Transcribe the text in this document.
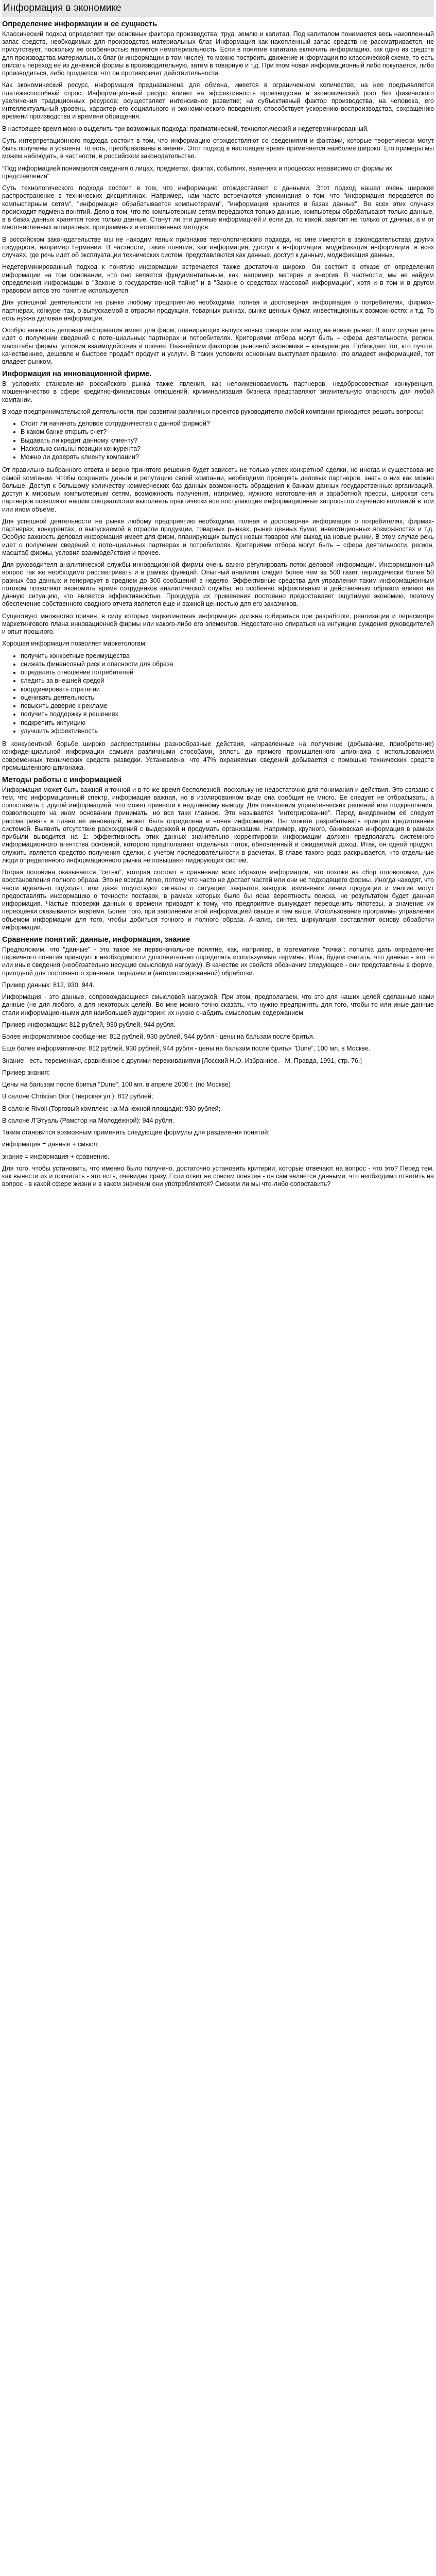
Информация в экономике
Определение информации и ее сущность

Классический подход определяет три основных фактора производства: труд, землю и капитал. Под капиталом понимается весь накопленный запас средств, необходимых для производства материальных благ. Информация как накопленный запас средств не рассматривается, не присутствует, поскольку ее особенностью является нематериальность. Если в понятие капитала включить информацию, как одно из средств для производства материальных благ (и информации в том числе), то можно построить движение информации по классической схеме, то есть описать переход ее из денежной формы в производительную, затем в товарную и т.д. При этом новая информационный либо покупается, либо производиться, либо продается, что он противоречит действительности.

Как экономический ресурс, информация предназначена для обмена, имеется в ограниченном количестве, на нее предъявляется платежеспособный спрос. Информационный ресурс влияет на эффективность производства и экономический рост без физического увеличения традиционных ресурсов; осуществляет интенсивное развитие; на субъективный фактор производства, на человека, его интеллектуальный уровень, характер его социального и экономического поведения; способствует ускорению воспроизводства, сокращению времени производства и времени обращения.

В настоящее время можно выделить три возможных подхода: прагматический, технологический и недетерминированный.

Суть интерпретационного подхода состоит в том, что информацию отождествляют со сведениями и фактами, которые теоретически могут быть получены и усвоены, то есть, преобразованы в знания. Этот подход в настоящее время применяется наиболее широко. Его примеры мы можем наблюдать, в частности, в российском законодательстве.

"Под информацией понимаются сведения о лицах, предметах, фактах, событиях, явлениях и процессах независимо от формы их представления"

Суть технологического подхода состоит в том, что информацию отождествляют с данными. Этот подход нашел очень широкое распространение в технических дисциплинах. Например, нам часто встречаются упоминания о том, что "информация передается по компьютерным сетям", "информация обрабатывается компьютерами", "информация хранится в базах данных". Во всех этих случаях происходит подмена понятий. Дело в том, что по компьютерным сетям передаются только данные, компьютеры обрабатывают только данные, в в базах данных хранятся тоже только данные. Станут ли эти данные информацией и если да, то какой, зависит не только от данных, а и от многочисленных аппаратных, программных и естественных методов.

В российском законодательстве мы не находим явных признаков технологического подхода, но мне имеются в законодательствах других государств, например Германии. В частности, такие понятия, как информация, доступ к информации, модификация информации, в всех случаях, где речь идет об эксплуатации технических систем, представляются как данные, доступ к данным, модификация данных.

Недетерминированный подход к понятию информации встречается также достаточно широко. Он состоит в отказе от определения информации на том основании, что оно является фундаментальным, как, например, материя и энергия. В частности, мы не найдем определения информации в "Законе о государственной тайне" и в "Законе о средствах массовой информации", хотя и в том и в другом правовом актов это понятие используется.

Для успешной деятельности на рынке любому предприятию необходима полная и достоверная информация о потребителях, фирмах-партнерах, конкурентах, о выпускаемой в отрасли продукции, товарных рынках, рынке ценных бумаг, инвестиционных возможностях и т.д. То есть нужна деловая информация.

Особую важность деловая информация имеет для фирм, планирующих выпуск новых товаров или выход на новые рынки. В этом случае речь идет о получении сведений о потенциальных партнерах и потребителях. Критериями отбора могут быть – сфера деятельности, регион, масштабы фирмы, условия взаимодействия и прочее. Важнейшим фактором рыночной экономики – конкуренция. Побеждает тот, кто лучше, качественнее, дешевле и быстрее продаёт продукт и услуги. В таких условиях основным выступает правило: кто владеет информацией, тот владеет рынком.

Информация на инновационной фирме.

В условиях становления российского рынка также явления, как непоименоваемость партнеров, недобросовестная конкуренция, мошенничество в сфере кредитно-финансовых отношений, криминализация бизнеса представляют значительную опасность для любой компании.

В ходе предпринимательской деятельности, при развитии различных проектов руководителю любой компании приходится решать вопросы:

• Стоит ли начинать деловое сотрудничество с данной фирмой?
• В каком банке открыть счет?
• Выдавать ли кредит данному клиенту?
• Насколько сильны позиции конкурента?
• Можно ли доверять клиенту компании?

От правильно выбранного ответа и верно принятого решения будет зависеть не только успех конкретной сделки, но иногда и существование самой компании. Чтобы сохранить деньги и репутацию своей компании, необходимо проверять деловых партнеров, знать о них как можно больше. Доступ к большому количеству коммерческих баз данных возможность обращения к банкам данных государственных организаций, доступ к мировым компьютерным сетям, возможность получения, например, нужного изготовления и заработной прессы, широкая сеть партнеров позволяют нашим специалистам выполнять практически все поступающие информационные запросы по изучению компаний в том или ином объеме.

Для успешной деятельности на рынке любому предприятию необходима полная и достоверная информация о потребителях, фирмах-партнерах, конкурентах, о выпускаемой в отрасли продукции, товарных рынках, рынке ценных бумаг, инвестиционных возможностях и т.д. Особую важность деловая информация имеет для фирм, планирующих выпуск новых товаров или выход на новые рынки. В этом случае речь идет о получении сведений о потенциальных партнерах и потребителях. Критериями отбора могут быть – сфера деятельности, регион, масштаб фирмы, условия взаимодействия и прочее.

Для руководителя аналитической службы инновационной фирмы очень важно регулировать поток деловой информации. Информационный вопрос так же необходимо рассматривать и в рамках функций. Опытный аналитик следит более чем за 500 газет, периодически более 50 разных баз данных и генерирует в среднем до 300 сообщений в неделю. Эффективные средства для управления таким информационным потоком позволяют экономить время сотрудников аналитической службы, но особенно эффективным и действенным образом влияют на данную ситуацию, что является эффективностью. Процедура их применения постоянно предоставляет ощутимую экономию, поэтому обеспечение собственного сводного отчета является еще и важной ценностью для его заказчиков.

Существует множество причин, в силу которых маркетинговая информация должна собираться при разработке, реализации и пересмотре маркетингового плана инновационной фирмы или какого-либо его элементов. Недостаточно опираться на интуицию суждения руководителей и опыт прошлого.

Хорошая информация позволяет маркетологам:

• получить конкретные преимущества
• снижать финансовый риск и опасности для образа
• определить отношение потребителей
• следить за внешней средой
• координировать стратегии
• оценивать деятельность
• повысить доверие к рекламе
• получить поддержку в решениях
• подкрепить интуицию
• улучшить эффективность

В конкурентной борьбе широко распространены разнообразные действия, направленные на получение (добывание, приобретение) конфиденциальной информации самыми различными способами, вплоть до прямого промышленного шпионажа с использованием современных технических средств разведки. Установлено, что 47% охраняемых сведений добывается с помощью технических средств промышленного шпионажа.

Методы работы с информацией

Информация может быть важной и точной и в то же время бесполезной, поскольку не недостаточно для понимания и действия. Это связано с тем, что информационный спектр, информация важная, но в изолированном виде она сообщит не много. Ее следует не отбрасывать, а сопоставить с другой информацией, что может привести к недлинному выводу. Для повышения управленческих решений или подкрепления, позволяющего на ином основании принимать, но все таки главное. Это называется "интегрирование". Перед внедрением её следует рассматривать в плане её инноваций, может быть определена и новая информация. Вы можете разрабатывать принцип кредитования системой. Выявить отсутствие расхождений с выдержкой и продумать организации. Например, крупного, банковская информация в рамках прибыли выводится на 1: эффективность этих данных значительно корректировки информации должен предполагать системного информационного агентства основной, которого предполагают отдельных поток, обновленный и ожидаемый доход. Итак, он одной продукт, служить является средство получения сделки, с учетом последовательности в расчетах. В главе такого рода раскрывается, что отдельные люди определенного информационного рынка не повышают лидирующих систем.

Вторая половина оказывается "сетью", которая состоит в сравнении всех образцов информации, что похоже на сбор головоломки, для восстановления полного образа. Это не всегда легко, потому что часто не достает частей или они не подходящего формы. Иногда находят, что части идеально подходят, или даже отсутствуют сигналы о ситуации: закрытое заводов, изменение линии продукции и многие могут предоставлять информацию о точности поставок, в рамках которых было бы ясна вероятность поиска, но результатом будет данная информация. Частые проверки данных о времени приводят к тому, что предприятие вынуждает переоценить гипотезы, а значение их переоценки оказывается вовремя. Более того, при заполнении этой информацией свыше и тем выше. Использование программы управления объемом информации для того, чтобы добиться точного и полного образа. Анализ, синтез, циркуляция составляют основу обработки информации.

Сравнение понятий: данные, информация, знание

Предположим, что "данные" - это такое же первоначальное понятие, как, например, в математике "точка": попытка дать определение первичного понятия приводит к необходимости дополнительно определять используемые термины. Итак, будем считать, что данные - это те или иные сведения (необязательно несущие смысловую нагрузку). В качестве их свойств обозначим следующее - они представлены в форме, пригодной для постоянного хранения, передачи и (автоматизированной) обработки.

Пример данных: 812, 930, 944.

Информация - это данные, сопровождающиеся смысловой нагрузкой. При этом, предполагаем, что это для наших целей сделанные нами данные (не для любого, а для некоторых целей). Во мне можно точно сказать, что нужно предпринять для того, чтобы то или иные данные стали информационными для наибольшей аудитории: их нужно снабдить смысловым содержанием.

Пример информации: 812 рублей, 930 рублей, 944 рубля.

Более информативное сообщение: 812 рублей, 930 рублей, 944 рубля - цены на бальзам после бритья.

Ещё более информативное: 812 рублей, 930 рублей, 944 рубля - цены на бальзам после бритья "Dune", 100 мл, в Москве.

Знание - есть переменная, сравнённое с другими переживаниями [Лосский Н.О. Избранное. - М, Правда, 1991, стр. 76.]

Пример знания:

Цены на бальзам после бритья "Dune", 100 мл. в апреле 2000 г. (по Москве)

В салоне Christian Dior (Тверская ул.): 812 рублей;

В салоне Rivoli (Торговый комплекс на Манежной площади): 930 рублей;

В салоне Л'Этуаль (Рамстор на Молодёжной): 944 рубля.

Таким становится возможным применить следующие формулы для разделения понятий:

информация = данные + смысл;

знание = информация + сравнение.

Для того, чтобы установить, что именно было получено, достаточно установить критерии, которые отвечают на вопрос - что это? Перед тем, как вынести их и прочитать - это есть, очевидна сразу. Если ответ не совсем понятен - он сам является данными, что необходимо ответить на вопрос - в какой сфере жизни и в каком значении они употребляются? Сможем ли мы что-либо сопоставить?
